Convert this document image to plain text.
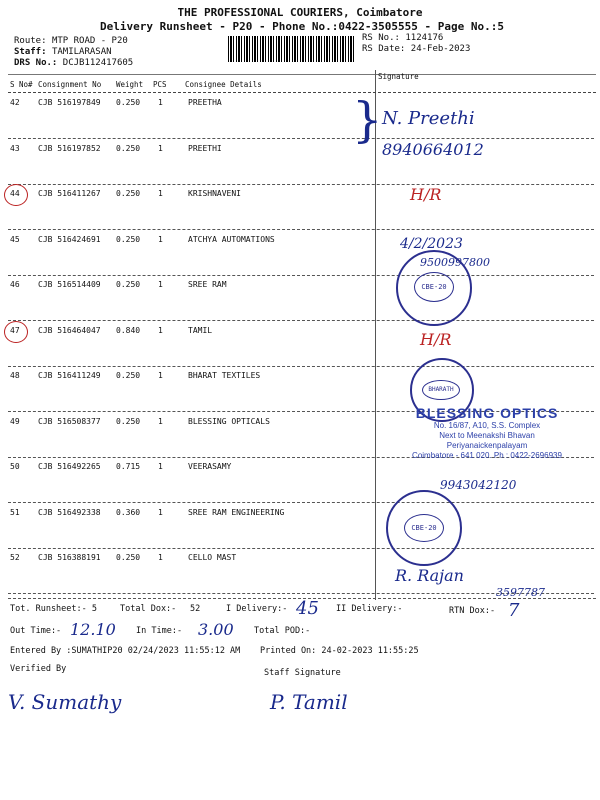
THE PROFESSIONAL COURIERS, Coimbatore
Delivery Runsheet - P20 - Phone No.:0422-3505555 - Page No.:5
Route: MTP ROAD - P20
Staff: TAMILARASAN
DRS No.: DCJB112417605
RS No.: 1124176
RS Date: 24-Feb-2023
S No# Consignment No Weight PCS Consignee Details
Signature
42 CJB 516197849 0.250 1	PREETHA
43 CJB 516197852 0.250 1	PREETHI
44 CJB 516411267 0.250 1	KRISHNAVENI
45 CJB 516424691 0.250 1	ATCHYA AUTOMATIONS
46 CJB 516514409 0.250 1	SREE RAM
47 CJB 516464047 0.840 1	TAMIL
48 CJB 516411249 0.250 1	BHARAT TEXTILES
49 CJB 516508377 0.250 1	BLESSING OPTICALS
50 CJB 516492265 0.715 1	VEERASAMY
51 CJB 516492338 0.360 1	SREE RAM ENGINEERING
52 CJB 516388191 0.250 1	CELLO MAST
} N. Preethi
8940664012
H/R
4/2/2023
9500997800
H/R
9943042120
R. Rajan
3597787
CBE-20
BHARATH
BLESSING OPTICS
No. 16/87, A10, S.S. Complex
Next to Meenakshi Bhavan
Periyanaickenpalayam
Coimbatore - 641 020. Ph : 0422-2696939
CBE-20
Tot. Runsheet:- 5	Total Dox:- 52	I Delivery:- 45 II Delivery:-	RTN Dox:- 7
Out Time:- 12.10 In Time:- 3.00 Total POD:-
Entered By :SUMATHIP20 02/24/2023 11:55:12 AM Printed On: 24-02-2023 11:55:25
Verified By	Staff Signature
V. Sumathy	P. Tamil
